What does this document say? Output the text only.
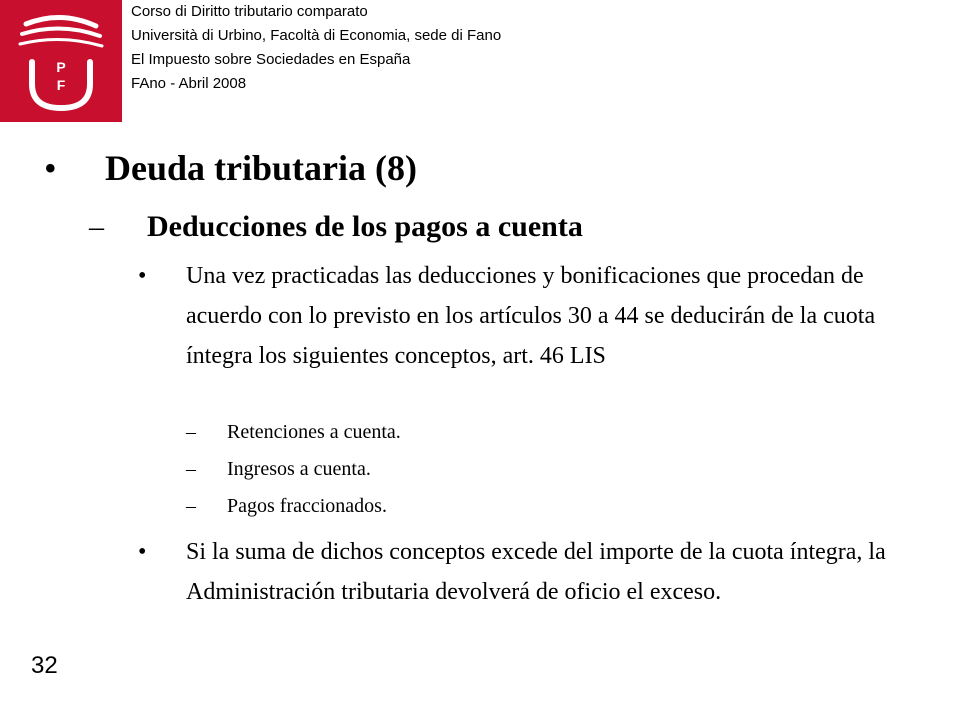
P
F
Corso di Diritto tributario comparato
Università di Urbino, Facoltà di Economia, sede di Fano
El Impuesto sobre Sociedades en España
FAno - Abril 2008
•	Deuda tributaria (8)
– Deducciones de los pagos a cuenta
• Una vez practicadas las deducciones y bonificaciones que procedan de acuerdo con lo previsto en los artículos 30 a 44 se deducirán de la cuota íntegra los siguientes conceptos, art. 46 LIS
– Retenciones a cuenta.
– Ingresos a cuenta.
– Pagos fraccionados.
• Si la suma de dichos conceptos excede del importe de la cuota íntegra, la Administración tributaria devolverá de oficio el exceso.
32
